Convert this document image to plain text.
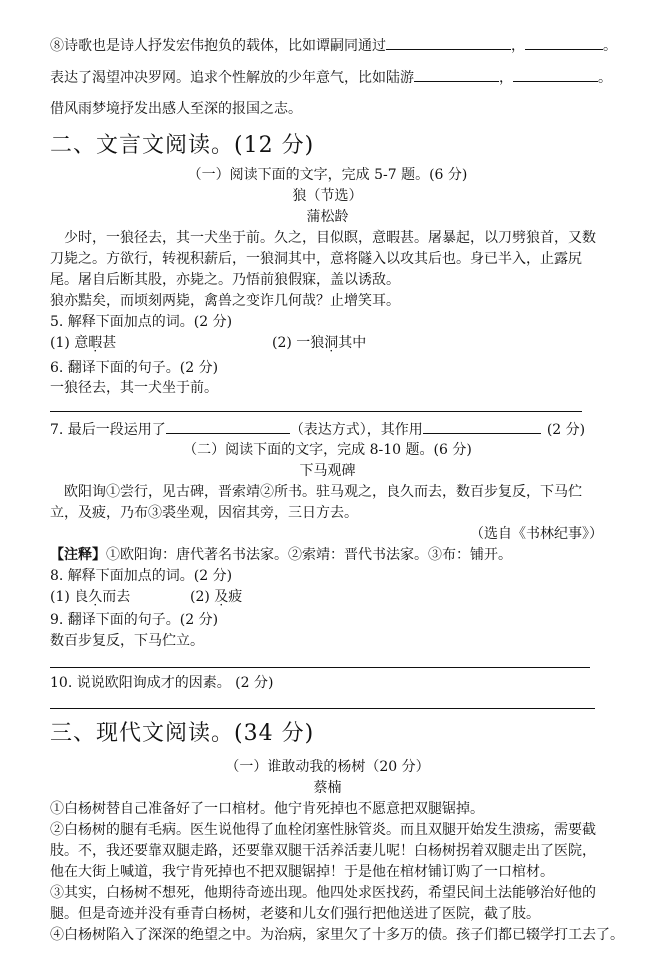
⑧诗歌也是诗人抒发宏伟抱负的载体，比如谭嗣同通过	，	。
表达了渴望冲决罗网。追求个性解放的少年意气，比如陆游	，	。
借风雨梦境抒发出感人至深的报国之志。
二、文言文阅读。(12 分)
（一）阅读下面的文字，完成 5-7 题。(6 分)
狼（节选）
蒲松龄
　少时，一狼径去，其一犬坐于前。久之，目似瞑，意暇甚。屠暴起，以刀劈狼首，又数刀毙之。方欲行，转视积薪后，一狼洞其中，意将隧入以攻其后也。身已半入，止露尻尾。屠自后断其股，亦毙之。乃悟前狼假寐，盖以诱敌。
狼亦黠矣，而顷刻两毙，禽兽之变诈几何哉？止增笑耳。
5. 解释下面加点的词。(2 分)
(1) 意暇甚	(2) 一狼洞其中
6. 翻译下面的句子。(2 分)
一狼径去，其一犬坐于前。
7. 最后一段运用了	（表达方式），其作用	(2 分)
（二）阅读下面的文字，完成 8-10 题。(6 分)
下马观碑
　欧阳询①尝行，见古碑，晋索靖②所书。驻马观之，良久而去，数百步复反，下马伫立，及疲，乃布③裘坐观，因宿其旁，三日方去。
（选自《书林纪事》）
【注释】①欧阳询：唐代著名书法家。②索靖：晋代书法家。③布：铺开。
8. 解释下面加点的词。(2 分)
(1) 良久而去	(2) 及疲
9. 翻译下面的句子。(2 分)
数百步复反，下马伫立。
10. 说说欧阳询成才的因素。 (2 分)
三、现代文阅读。(34 分)
（一）谁敢动我的杨树（20 分）
蔡楠
①白杨树替自己准备好了一口棺材。他宁肯死掉也不愿意把双腿锯掉。
②白杨树的腿有毛病。医生说他得了血栓闭塞性脉管炎。而且双腿开始发生溃疡，需要截肢。不，我还要靠双腿走路，还要靠双腿干活养活妻儿呢！白杨树拐着双腿走出了医院，他在大街上喊道，我宁肯死掉也不把双腿锯掉！于是他在棺材铺订购了一口棺材。
③其实，白杨树不想死，他期待奇迹出现。他四处求医找药，希望民间土法能够治好他的腿。但是奇迹并没有垂青白杨树，老婆和儿女们强行把他送进了医院，截了肢。
④白杨树陷入了深深的绝望之中。为治病，家里欠了十多万的债。孩子们都已辍学打工去了。
